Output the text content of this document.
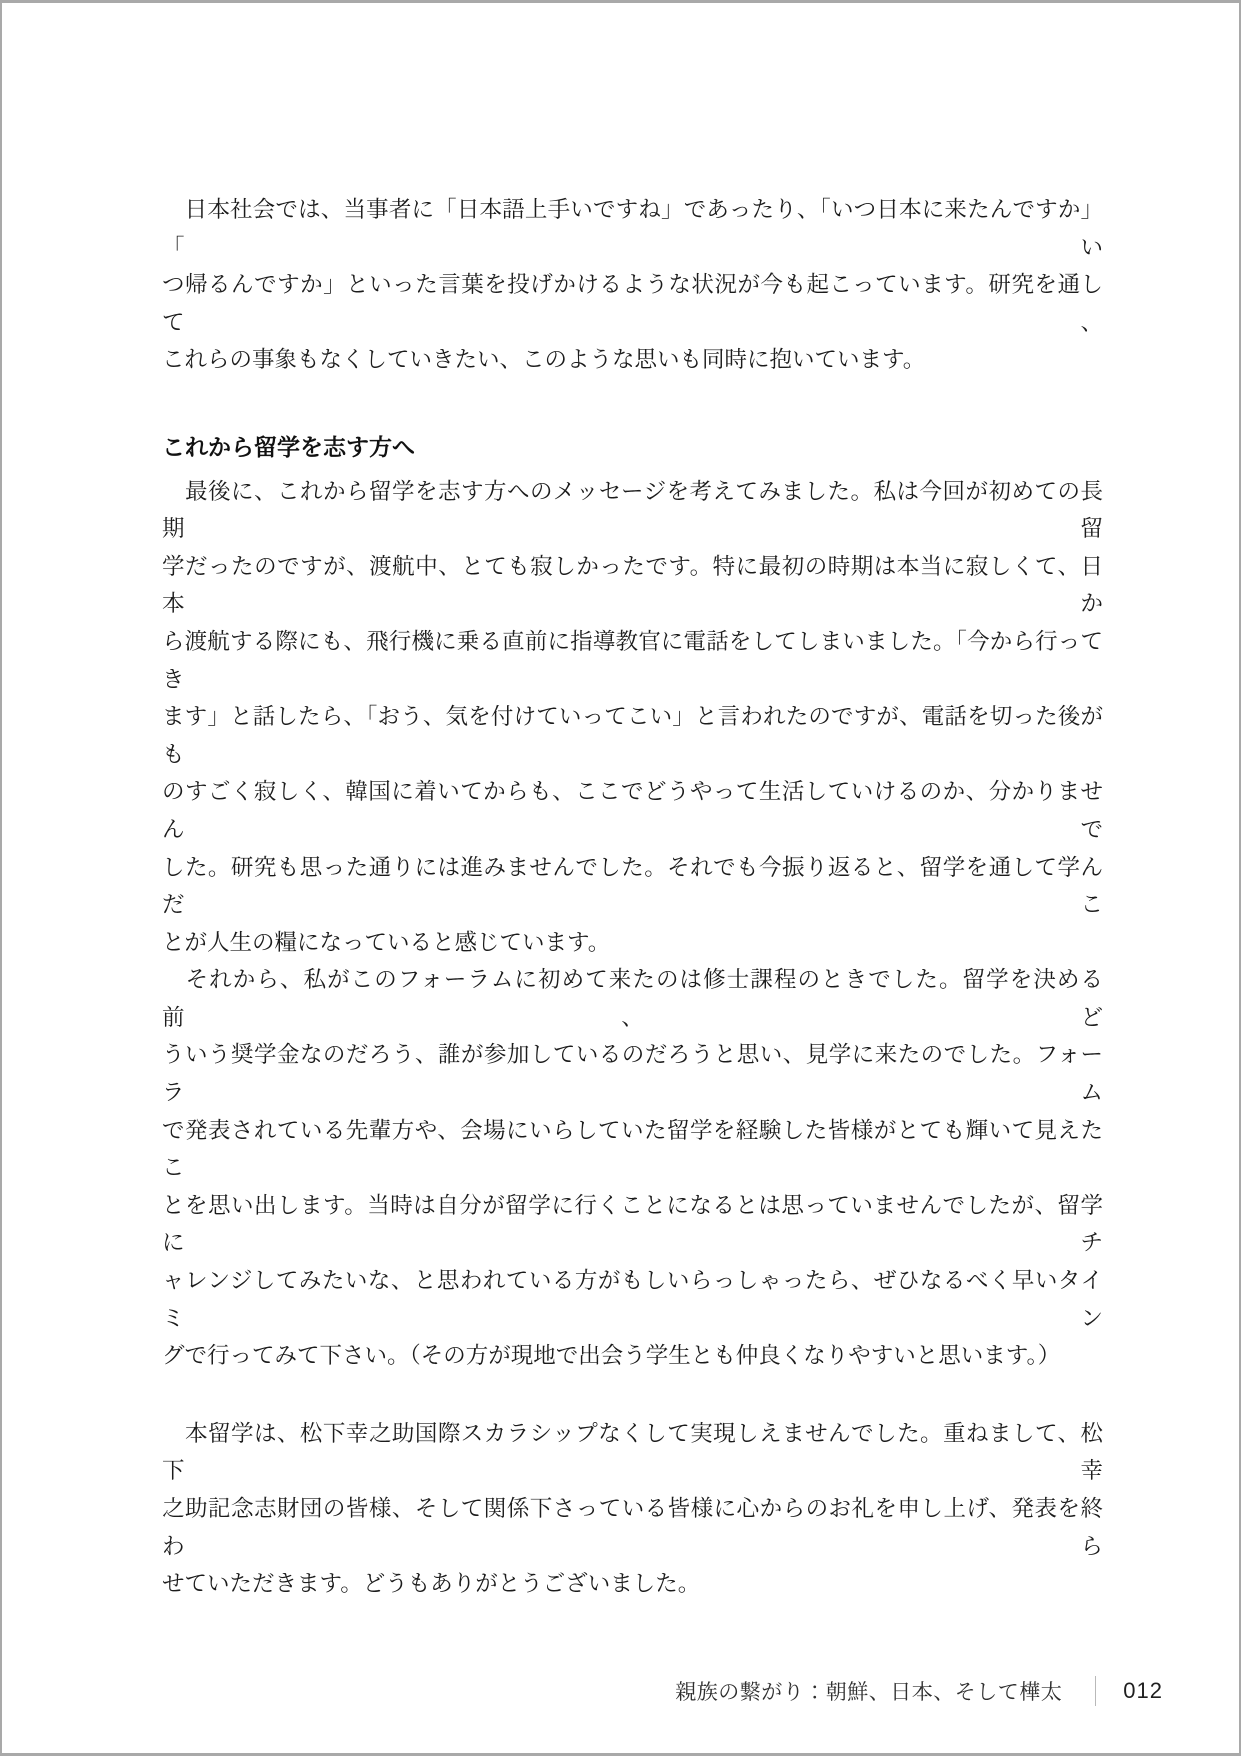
　日本社会では、当事者に「日本語上手いですね」であったり、「いつ日本に来たんですか」「い
つ帰るんですか」といった言葉を投げかけるような状況が今も起こっています。研究を通して、
これらの事象もなくしていきたい、このような思いも同時に抱いています。
これから留学を志す方へ
　最後に、これから留学を志す方へのメッセージを考えてみました。私は今回が初めての長期留
学だったのですが、渡航中、とても寂しかったです。特に最初の時期は本当に寂しくて、日本か
ら渡航する際にも、飛行機に乗る直前に指導教官に電話をしてしまいました。「今から行ってき
ます」と話したら、「おう、気を付けていってこい」と言われたのですが、電話を切った後がも
のすごく寂しく、韓国に着いてからも、ここでどうやって生活していけるのか、分かりませんで
した。研究も思った通りには進みませんでした。それでも今振り返ると、留学を通して学んだこ
とが人生の糧になっていると感じています。
　それから、私がこのフォーラムに初めて来たのは修士課程のときでした。留学を決める前、ど
ういう奨学金なのだろう、誰が参加しているのだろうと思い、見学に来たのでした。フォーラム
で発表されている先輩方や、会場にいらしていた留学を経験した皆様がとても輝いて見えたこ
とを思い出します。当時は自分が留学に行くことになるとは思っていませんでしたが、留学にチ
ャレンジしてみたいな、と思われている方がもしいらっしゃったら、ぜひなるべく早いタイミン
グで行ってみて下さい。（その方が現地で出会う学生とも仲良くなりやすいと思います。）
　本留学は、松下幸之助国際スカラシップなくして実現しえませんでした。重ねまして、松下幸
之助記念志財団の皆様、そして関係下さっている皆様に心からのお礼を申し上げ、発表を終わら
せていただきます。どうもありがとうございました。
親族の繋がり：朝鮮、日本、そして樺太	012
